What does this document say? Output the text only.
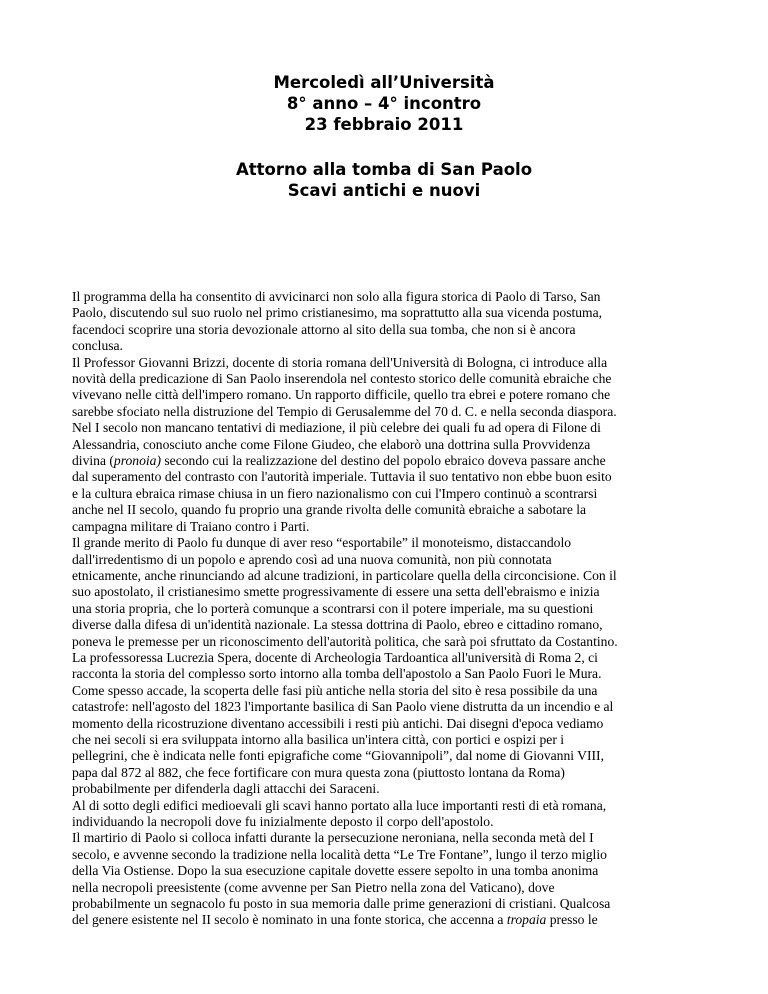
Mercoledì all’Università
8° anno – 4° incontro
23 febbraio 2011
Attorno alla tomba di San Paolo
Scavi antichi e nuovi
Il programma della ha consentito di avvicinarci non solo alla figura storica di Paolo di Tarso, San
Paolo, discutendo sul suo ruolo nel primo cristianesimo, ma soprattutto alla sua vicenda postuma,
facendoci scoprire una storia devozionale attorno al sito della sua tomba, che non si è ancora
conclusa.
Il Professor Giovanni Brizzi, docente di storia romana dell'Università di Bologna, ci introduce alla
novità della predicazione di San Paolo inserendola nel contesto storico delle comunità ebraiche che
vivevano nelle città dell'impero romano. Un rapporto difficile, quello tra ebrei e potere romano che
sarebbe sfociato nella distruzione del Tempio di Gerusalemme del 70 d. C. e nella seconda diaspora.
Nel I secolo non mancano tentativi di mediazione, il più celebre dei quali fu ad opera di Filone di
Alessandria, conosciuto anche come Filone Giudeo, che elaborò una dottrina sulla Provvidenza
divina (pronoia) secondo cui la realizzazione del destino del popolo ebraico doveva passare anche
dal superamento del contrasto con l'autorità imperiale. Tuttavia il suo tentativo non ebbe buon esito
e la cultura ebraica rimase chiusa in un fiero nazionalismo con cui l'Impero continuò a scontrarsi
anche nel II secolo, quando fu proprio una grande rivolta delle comunità ebraiche a sabotare la
campagna militare di Traiano contro i Parti.
Il grande merito di Paolo fu dunque di aver reso “esportabile” il monoteismo, distaccandolo
dall'irredentismo di un popolo e aprendo così ad una nuova comunità, non più connotata
etnicamente, anche rinunciando ad alcune tradizioni, in particolare quella della circoncisione. Con il
suo apostolato, il cristianesimo smette progressivamente di essere una setta dell'ebraismo e inizia
una storia propria, che lo porterà comunque a scontrarsi con il potere imperiale, ma su questioni
diverse dalla difesa di un'identità nazionale. La stessa dottrina di Paolo, ebreo e cittadino romano,
poneva le premesse per un riconoscimento dell'autorità politica, che sarà poi sfruttato da Costantino.
La professoressa Lucrezia Spera, docente di Archeologia Tardoantica all'università di Roma 2, ci
racconta la storia del complesso sorto intorno alla tomba dell'apostolo a San Paolo Fuori le Mura.
Come spesso accade, la scoperta delle fasi più antiche nella storia del sito è resa possibile da una
catastrofe: nell'agosto del 1823 l'importante basilica di San Paolo viene distrutta da un incendio e al
momento della ricostruzione diventano accessibili i resti più antichi. Dai disegni d'epoca vediamo
che nei secoli si era sviluppata intorno alla basilica un'intera città, con portici e ospizi per i
pellegrini, che è indicata nelle fonti epigrafiche come “Giovannipoli”, dal nome di Giovanni VIII,
papa dal 872 al 882, che fece fortificare con mura questa zona (piuttosto lontana da Roma)
probabilmente per difenderla dagli attacchi dei Saraceni.
Al di sotto degli edifici medioevali gli scavi hanno portato alla luce importanti resti di età romana,
individuando la necropoli dove fu inizialmente deposto il corpo dell'apostolo.
Il martirio di Paolo si colloca infatti durante la persecuzione neroniana, nella seconda metà del I
secolo, e avvenne secondo la tradizione nella località detta “Le Tre Fontane”, lungo il terzo miglio
della Via Ostiense. Dopo la sua esecuzione capitale dovette essere sepolto in una tomba anonima
nella necropoli preesistente (come avvenne per San Pietro nella zona del Vaticano), dove
probabilmente un segnacolo fu posto in sua memoria dalle prime generazioni di cristiani. Qualcosa
del genere esistente nel II secolo è nominato in una fonte storica, che accenna a tropaia presso le
